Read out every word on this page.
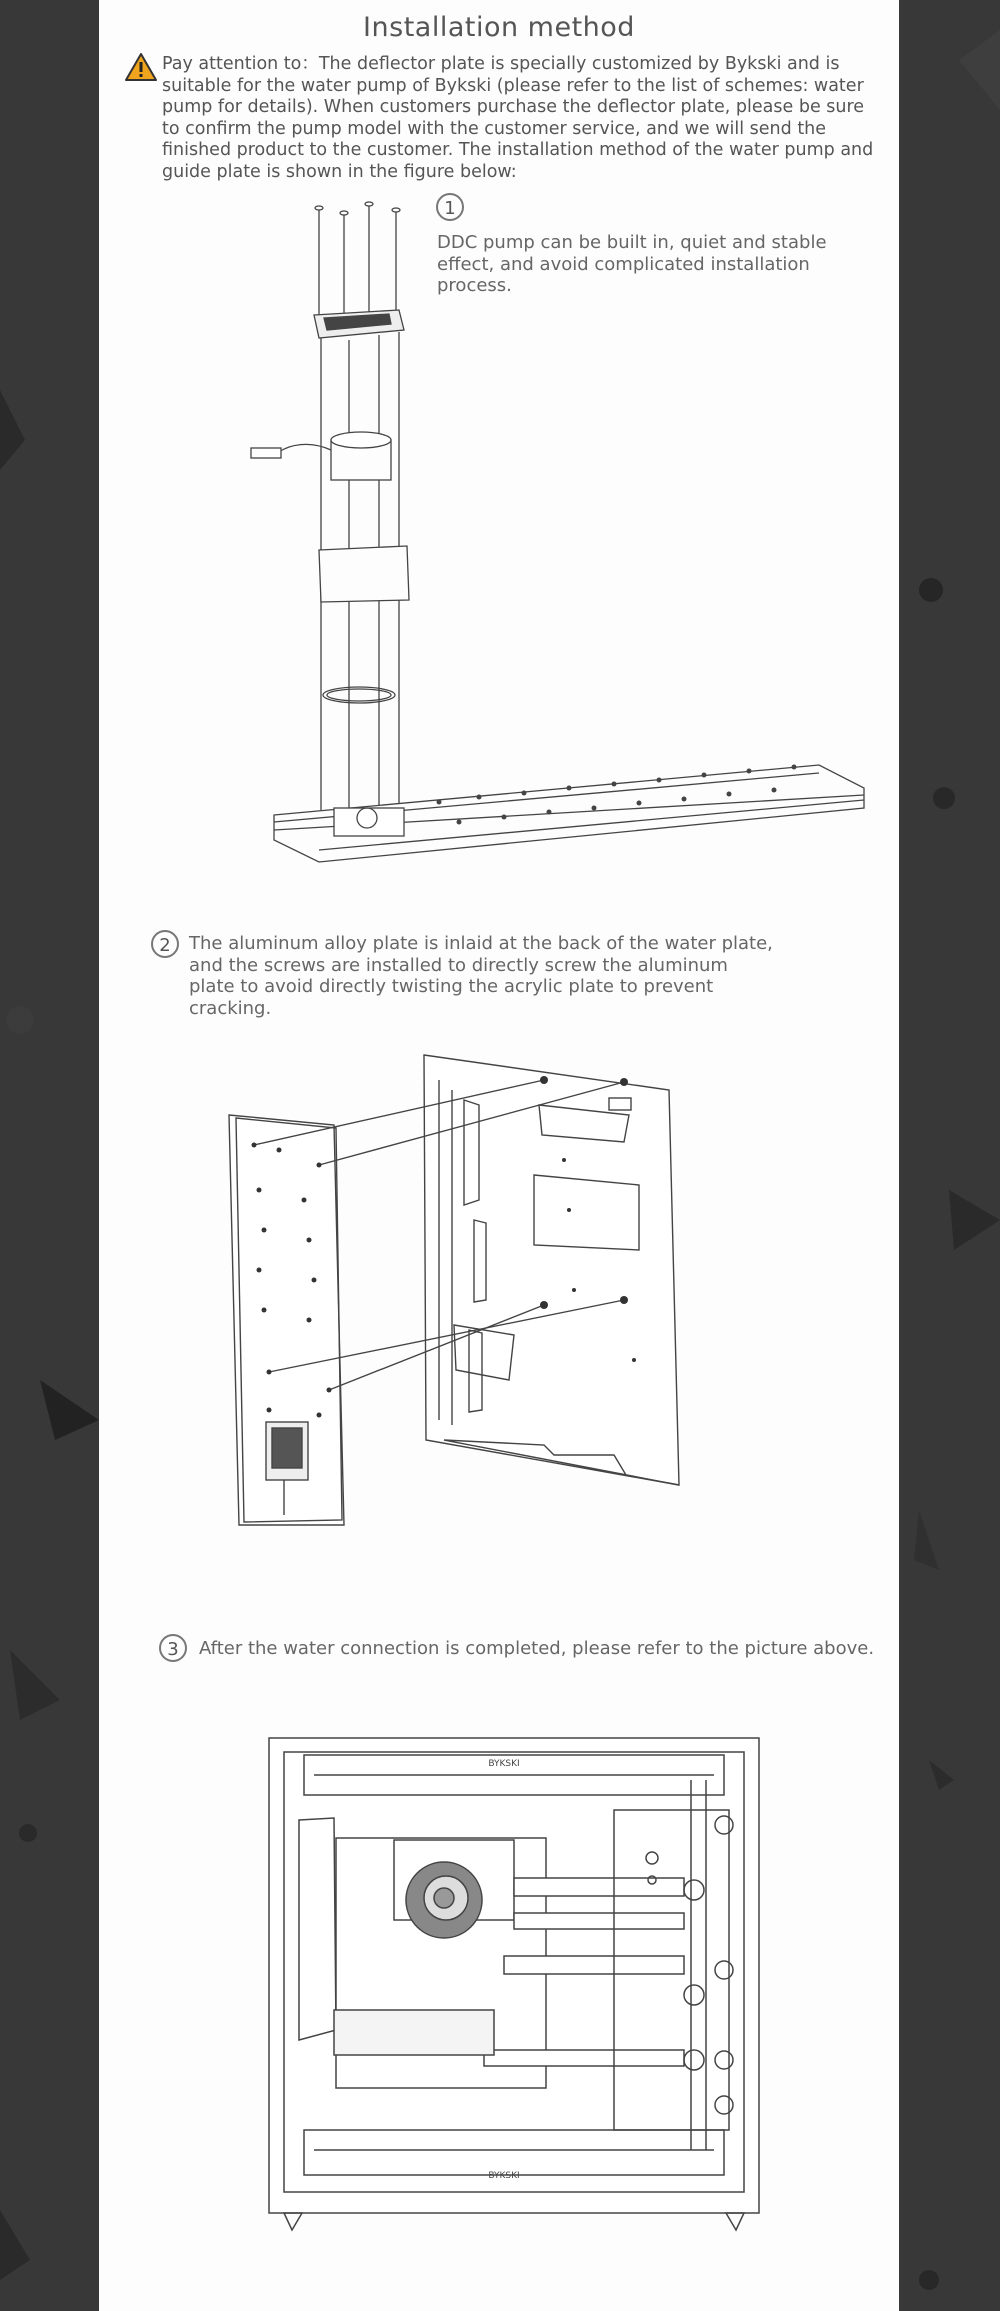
Installation method
Pay attention to：The deflector plate is specially customized by Bykski and is suitable for the water pump of Bykski (please refer to the list of schemes: water pump for details). When customers purchase the deflector plate, please be sure to confirm the pump model with the customer service, and we will send the finished product to the customer. The installation method of the water pump and guide plate is shown in the figure below:
1
DDC pump can be built in, quiet and stable effect, and avoid complicated installation process.
2	The aluminum alloy plate is inlaid at the back of the water plate, and the screws are installed to directly screw the aluminum plate to avoid directly twisting the acrylic plate to prevent cracking.
3	After the water connection is completed, please refer to the picture above.
BYKSKI
BYKSKI
